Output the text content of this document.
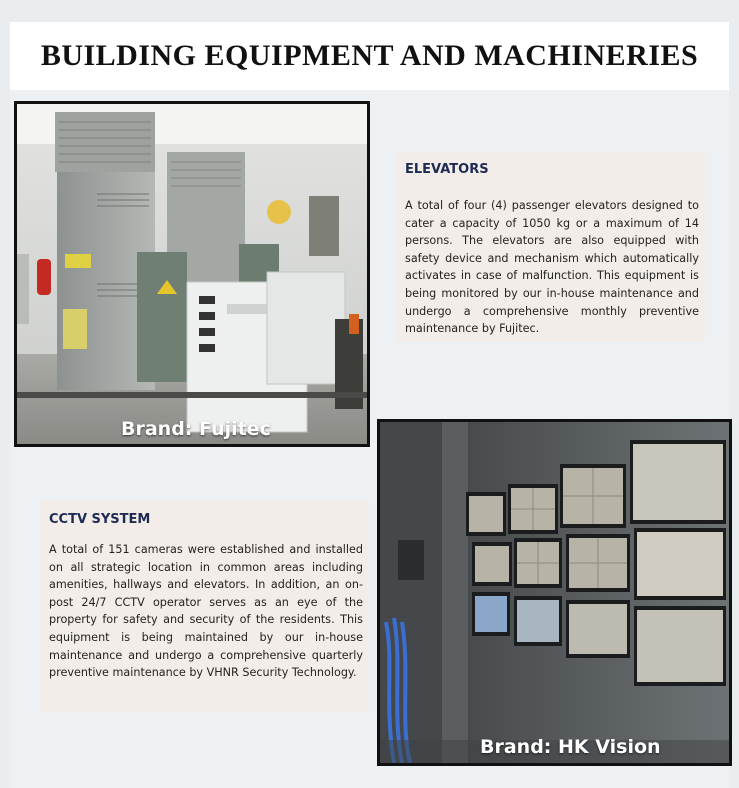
BUILDING EQUIPMENT AND MACHINERIES
Brand: Fujitec
ELEVATORS

A total of four (4) passenger elevators designed to cater a capacity of 1050 kg or a maximum of 14 persons. The elevators are also equipped with safety device and mechanism which automatically activates in case of malfunction. This equipment is being monitored by our in-house maintenance and undergo a comprehensive monthly preventive maintenance by Fujitec.

CCTV SYSTEM

A total of 151 cameras were established and installed on all strategic location in common areas including amenities, hallways and elevators. In addition, an on-post 24/7 CCTV operator serves as an eye of the property for safety and security of the residents. This equipment is being maintained by our in-house maintenance and undergo a comprehensive quarterly preventive maintenance by VHNR Security Technology.

Brand: HK Vision
